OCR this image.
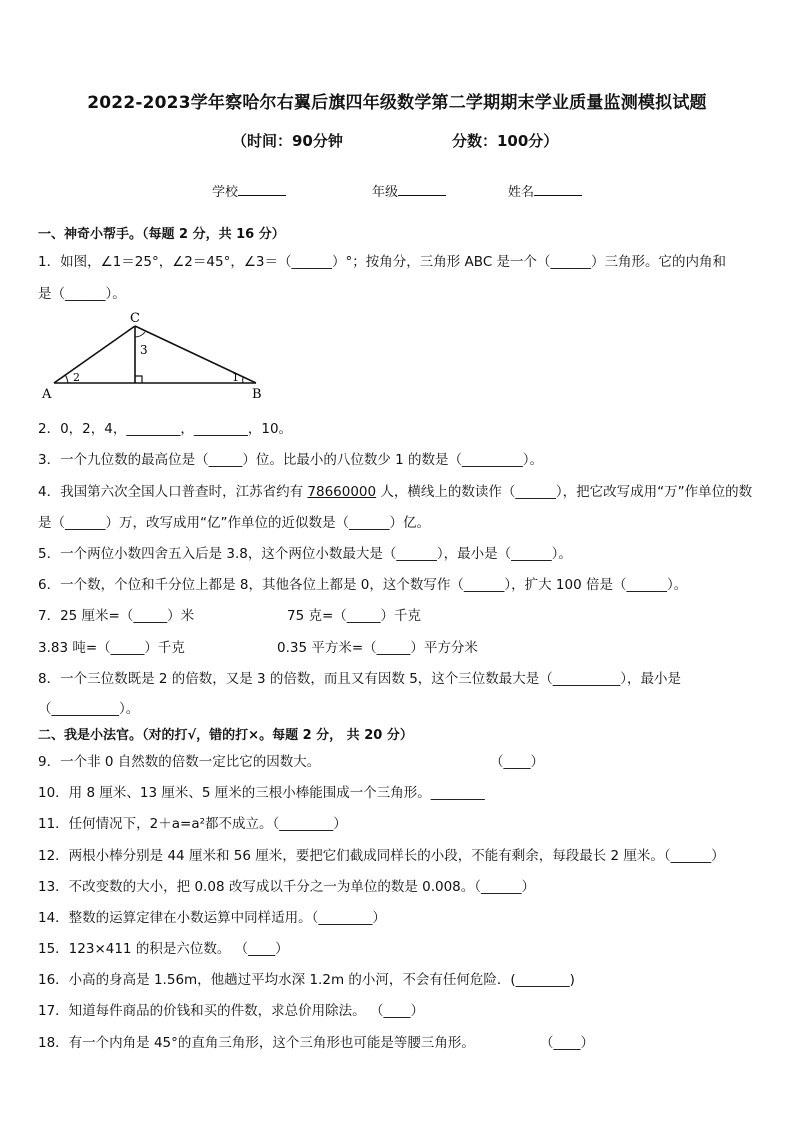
2022-2023学年察哈尔右翼后旗四年级数学第二学期期末学业质量监测模拟试题
（时间：90分钟	分数：100分）
学校	年级	姓名
一、神奇小帮手。（每题 2 分，共 16 分）
1．如图，∠1＝25°，∠2＝45°，∠3＝（______）°；按角分，三角形 ABC 是一个（______）三角形。它的内角和
是（______）。
A	B
C
1
2
3
2．0，2，4，________，________，10。
3．一个九位数的最高位是（_____）位。比最小的八位数少 1 的数是（_________）。
4．我国第六次全国人口普查时，江苏省约有 78660000 人，横线上的数读作（______），把它改写成用“万”作单位的数
是（______）万，改写成用“亿”作单位的近似数是（______）亿。
5．一个两位小数四舍五入后是 3.8，这个两位小数最大是（______），最小是（______）。
6．一个数，个位和千分位上都是 8，其他各位上都是 0，这个数写作（______），扩大 100 倍是（______）。
7．25 厘米=（_____）米	75 克=（_____）千克
3.83 吨=（_____）千克	0.35 平方米=（_____）平方分米
8．一个三位数既是 2 的倍数，又是 3 的倍数，而且又有因数 5，这个三位数最大是（__________），最小是
（__________）。
二、我是小法官。（对的打√，错的打×。每题 2 分， 共 20 分）
9．一个非 0 自然数的倍数一定比它的因数大。	（____）
10．用 8 厘米、13 厘米、5 厘米的三根小棒能围成一个三角形。________
11．任何情况下，2＋a=a²都不成立。（________）
12．两根小棒分别是 44 厘米和 56 厘米，要把它们截成同样长的小段，不能有剩余，每段最长 2 厘米。（______）
13．不改变数的大小，把 0.08 改写成以千分之一为单位的数是 0.008。（______）
14．整数的运算定律在小数运算中同样适用。（________）
15．123×411 的积是六位数。 （____）
16．小高的身高是 1.56m，他趟过平均水深 1.2m 的小河，不会有任何危险．(________)
17．知道每件商品的价钱和买的件数，求总价用除法。 （____）
18．有一个内角是 45°的直角三角形，这个三角形也可能是等腰三角形。	（____）
